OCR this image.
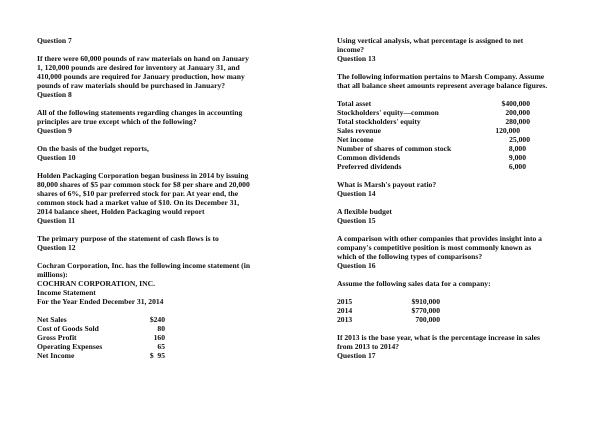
Question 7
If there were 60,000 pounds of raw materials on hand on January
1, 120,000 pounds are desired for inventory at January 31, and
410,000 pounds are required for January production, how many
pounds of raw materials should be purchased in January?
Question 8
All of the following statements regarding changes in accounting
principles are true except which of the following?
Question 9
On the basis of the budget reports,
Question 10
Holden Packaging Corporation began business in 2014 by issuing
80,000 shares of $5 par common stock for $8 per share and 20,000
shares of 6%, $10 par preferred stock for par. At year end, the
common stock had a market value of $10. On its December 31,
2014 balance sheet, Holden Packaging would report
Question 11
The primary purpose of the statement of cash flows is to
Question 12
Cochran Corporation, Inc. has the following income statement (in
millions):
COCHRAN CORPORATION, INC.
Income Statement
For the Year Ended December 31, 2014
Net Sales	$240
Cost of Goods Sold	80
Gross Profit	160
Operating Expenses	65
Net Income	$  95
Using vertical analysis, what percentage is assigned to net
income?
Question 13
The following information pertains to Marsh Company. Assume
that all balance sheet amounts represent average balance figures.
Total asset	$400,000
Stockholders' equity—common	200,000
Total stockholders' equity	280,000
Sales revenue	120,000
Net income	25,000
Number of shares of common stock	8,000
Common dividends	9,000
Preferred dividends	6,000
What is Marsh's payout ratio?
Question 14
A flexible budget
Question 15
A comparison with other companies that provides insight into a
company's competitive position is most commonly known as
which of the following types of comparisons?
Question 16
Assume the following sales data for a company:
2015	$910,000
2014	$770,000
2013	700,000
If 2013 is the base year, what is the percentage increase in sales
from 2013 to 2014?
Question 17
